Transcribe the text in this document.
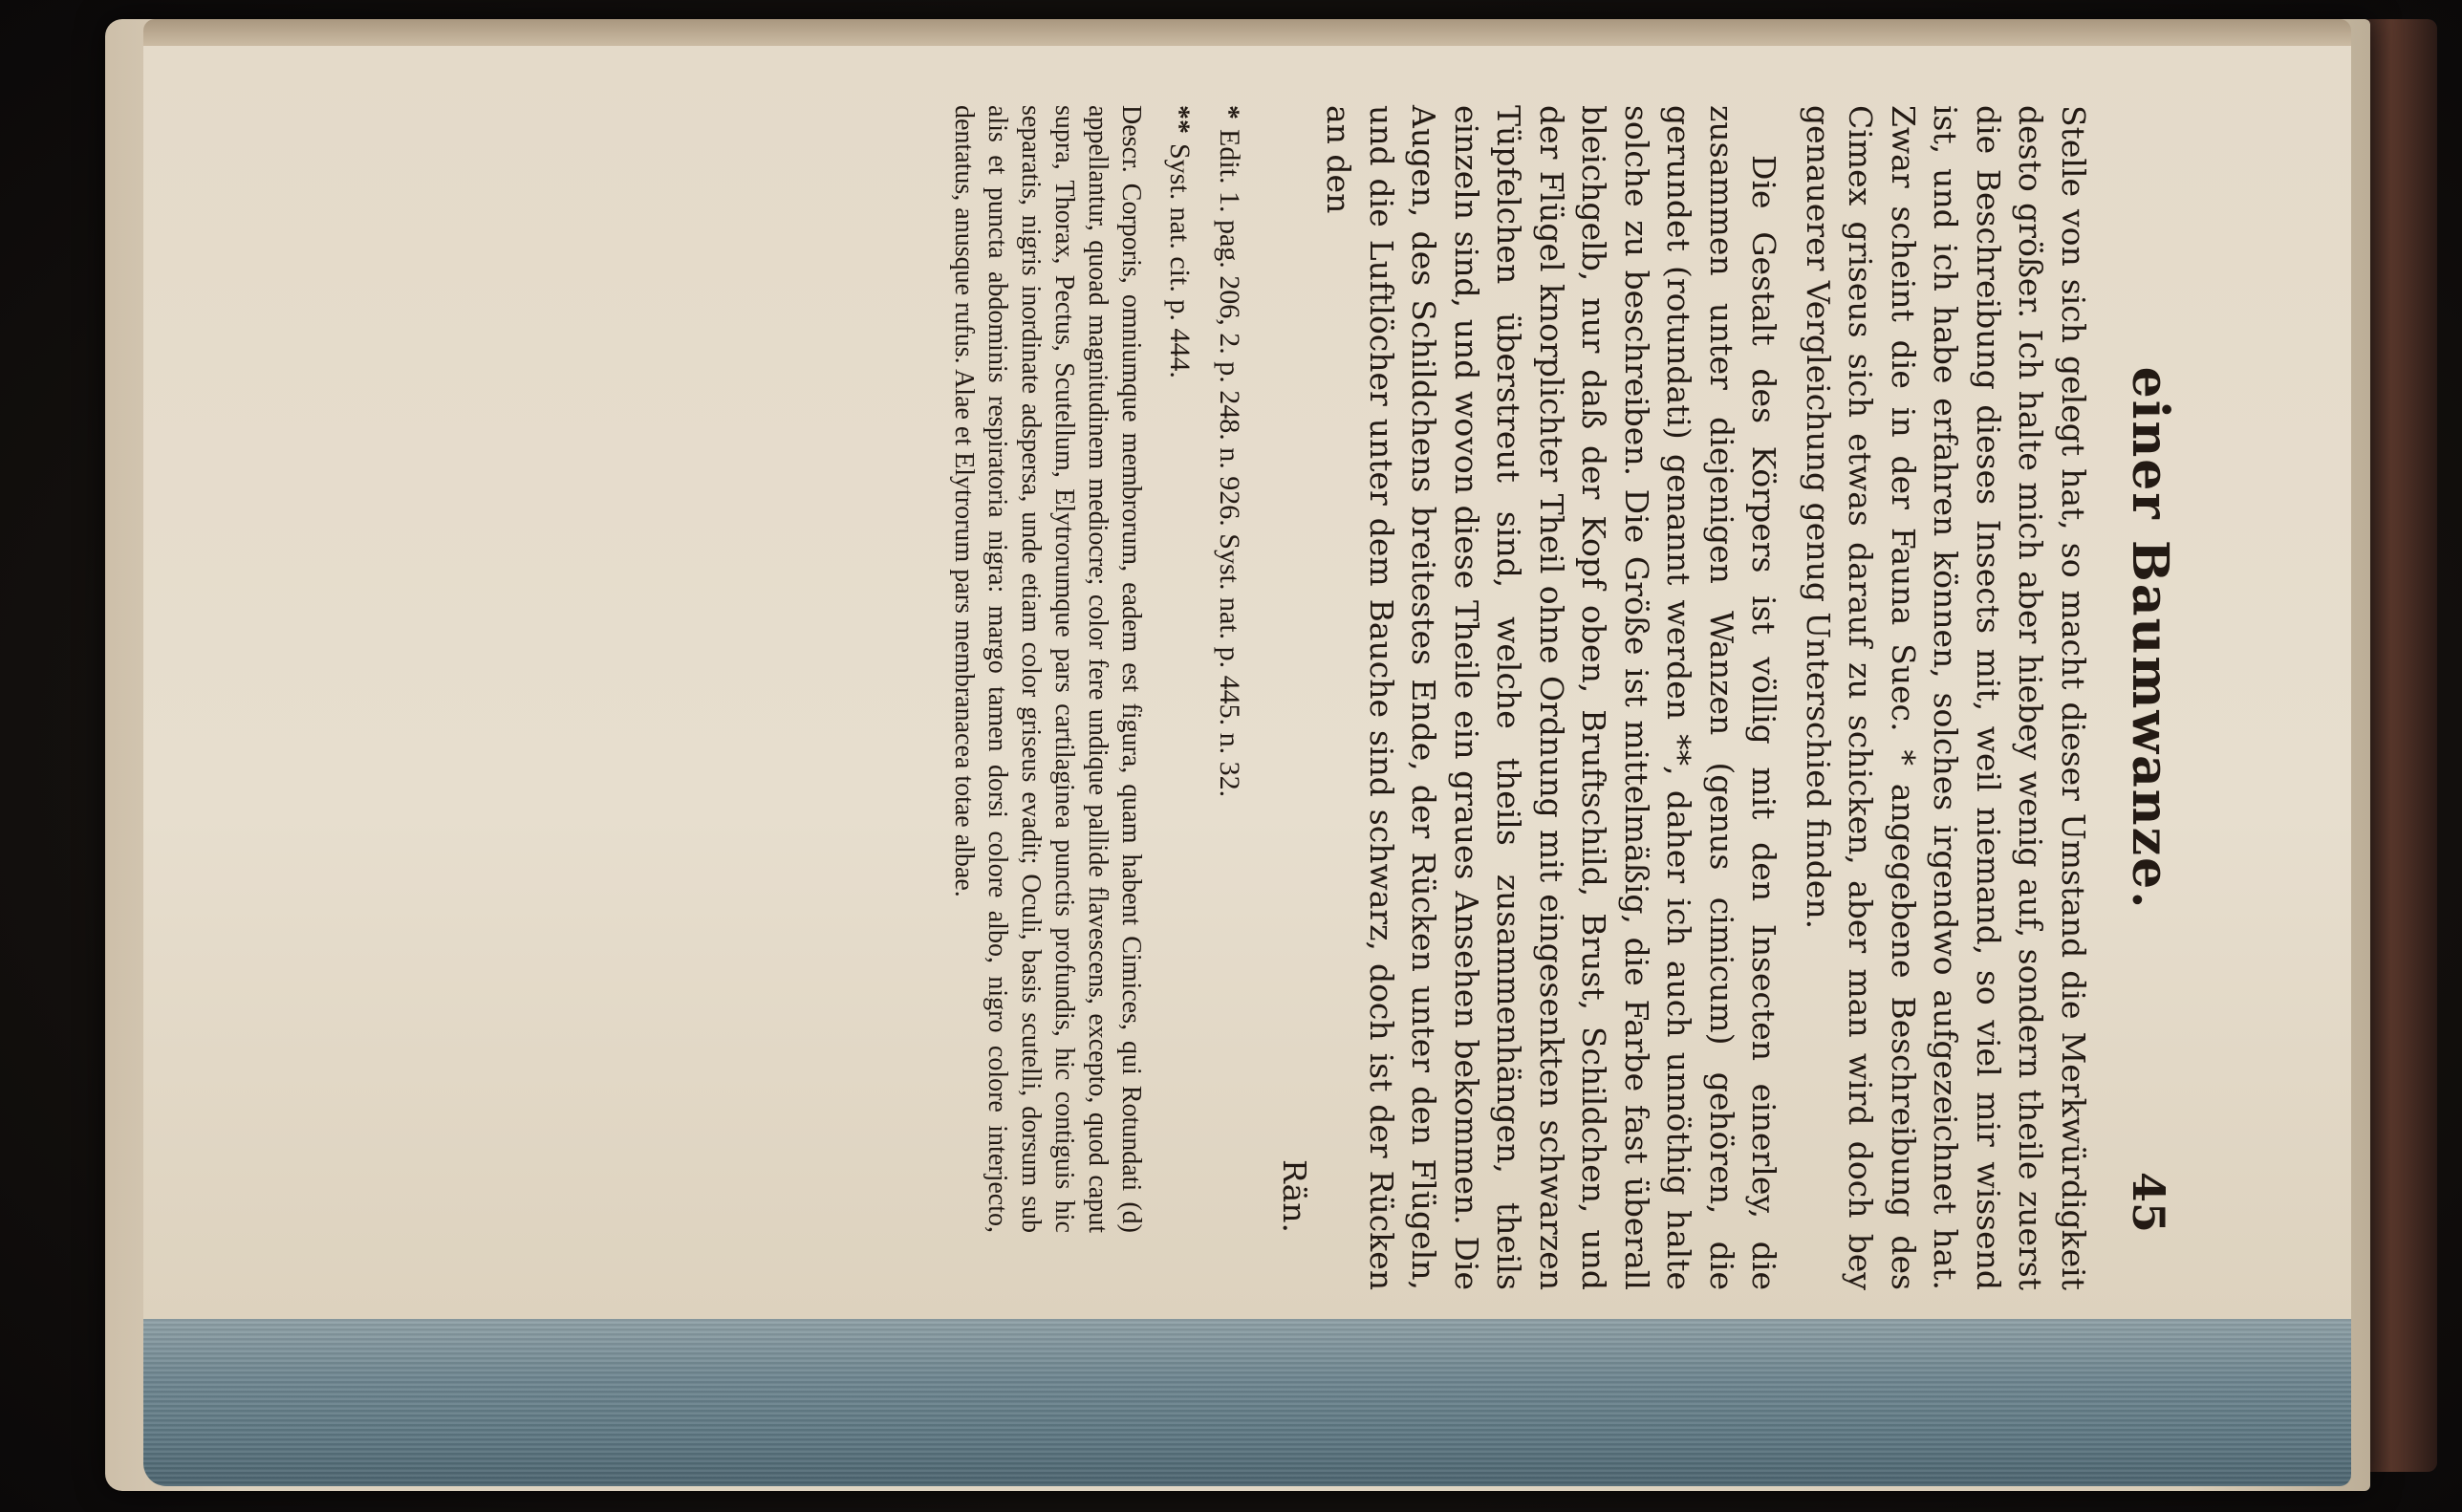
einer Baumwanze.
45

Stelle von sich gelegt hat, so macht dieser Umstand die Merkwürdigkeit desto größer. Ich halte mich aber hiebey wenig auf, sondern theile zuerst die Beschreibung dieses Insects mit, weil niemand, so viel mir wissend ist, und ich habe erfahren können, solches irgendwo aufgezeichnet hat. Zwar scheint die in der Fauna Suec. * angegebene Beschreibung des Cimex griseus sich etwas darauf zu schicken, aber man wird doch bey genauerer Vergleichung genug Unterschied finden.

Die Gestalt des Körpers ist völlig mit den Insecten einerley, die zusammen unter diejenigen Wanzen (genus cimicum) gehören, die gerundet (rotundati) genannt werden **, daher ich auch unnöthig halte solche zu beschreiben. Die Größe ist mittelmäßig, die Farbe fast überall bleichgelb, nur daß der Kopf oben, Bruftschild, Brust, Schildchen, und der Flügel knorplichter Theil ohne Ordnung mit eingesenkten schwarzen Tüpfelchen überstreut sind, welche theils zusammenhängen, theils einzeln sind, und wovon diese Theile ein graues Ansehen bekommen. Die Augen, des Schildchens breitestes Ende, der Rücken unter den Flügeln, und die Luftlöcher unter dem Bauche sind schwarz, doch ist der Rücken an den

Rän.

*Edit. 1. pag. 206, 2. p. 248. n. 926. Syst. nat. p. 445. n. 32.

**Syst. nat. cit. p. 444.

Descr. Corporis, omniumque membrorum, eadem est figura, quam habent Cimices, qui Rotundati (d) appellantur, quoad magnitudinem mediocre; color fere undique pallide flavescens, excepto, quod caput supra, Thorax, Pectus, Scutellum, Elytrorumque pars cartilaginea punctis profundis, hic contiguis hic separatis, nigris inordinate adspersa, unde etiam color griseus evadit; Oculi, basis scutelli, dorsum sub alis et puncta abdominis respiratoria nigra: margo tamen dorsi colore albo, nigro colore interjecto, dentatus, anusque rufus. Alae et Elytrorum pars membranacea totae albae.
